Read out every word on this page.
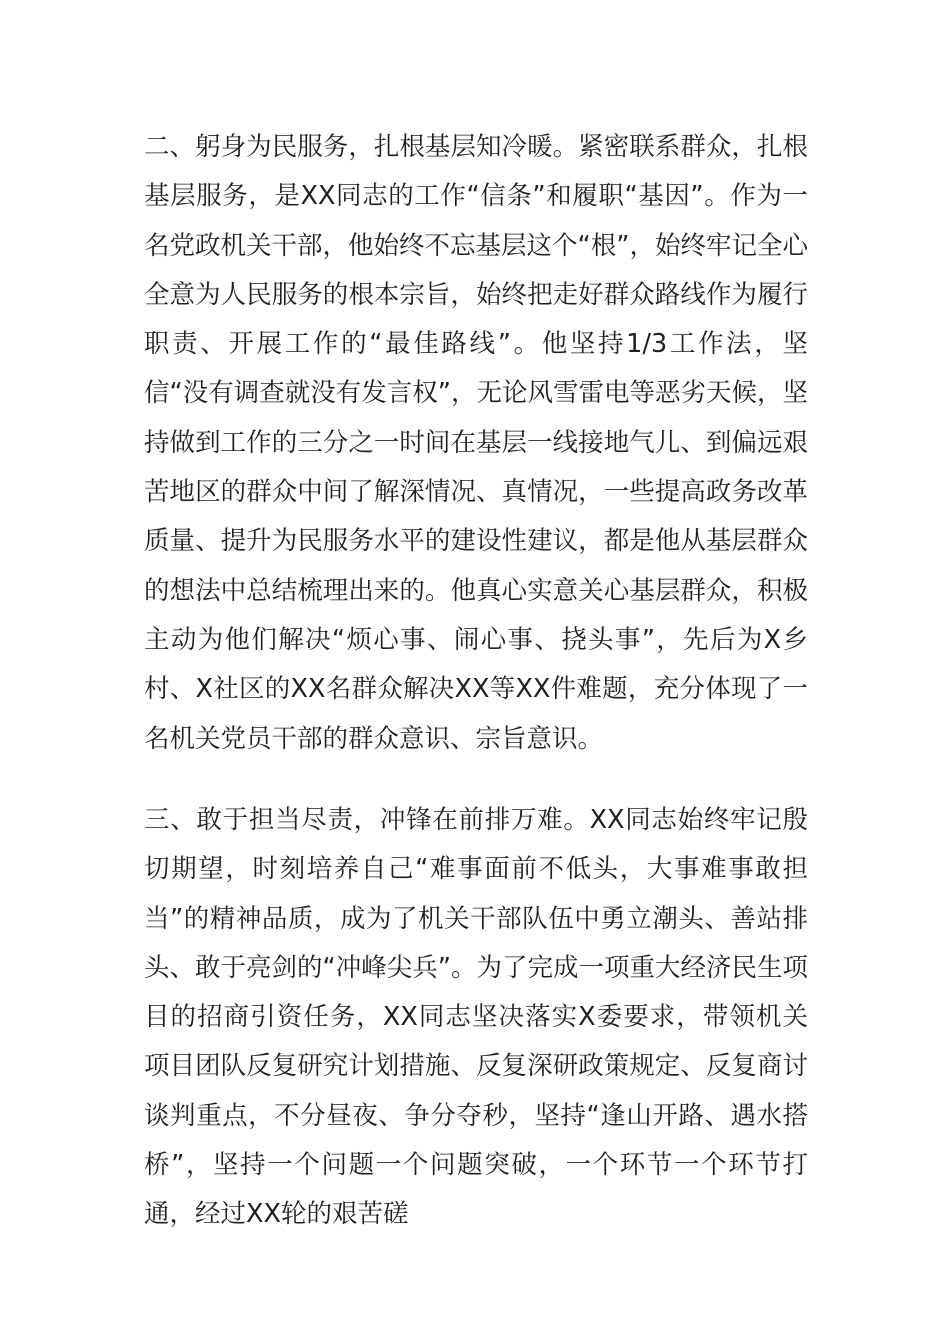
二、躬身为民服务，扎根基层知冷暖。紧密联系群众，扎根基层服务，是XX同志的工作“信条”和履职“基因”。作为一名党政机关干部，他始终不忘基层这个“根”，始终牢记全心全意为人民服务的根本宗旨，始终把走好群众路线作为履行职责、开展工作的“最佳路线”。他坚持1/3工作法，坚信“没有调查就没有发言权”，无论风雪雷电等恶劣天候，坚持做到工作的三分之一时间在基层一线接地气儿、到偏远艰苦地区的群众中间了解深情况、真情况，一些提高政务改革质量、提升为民服务水平的建设性建议，都是他从基层群众的想法中总结梳理出来的。他真心实意关心基层群众，积极主动为他们解决“烦心事、闹心事、挠头事”，先后为X乡村、X社区的XX名群众解决XX等XX件难题，充分体现了一名机关党员干部的群众意识、宗旨意识。

三、敢于担当尽责，冲锋在前排万难。XX同志始终牢记殷切期望，时刻培养自己“难事面前不低头，大事难事敢担当”的精神品质，成为了机关干部队伍中勇立潮头、善站排头、敢于亮剑的“冲峰尖兵”。为了完成一项重大经济民生项目的招商引资任务，XX同志坚决落实X委要求，带领机关项目团队反复研究计划措施、反复深研政策规定、反复商讨谈判重点，不分昼夜、争分夺秒，坚持“逢山开路、遇水搭桥”，坚持一个问题一个问题突破，一个环节一个环节打通，经过XX轮的艰苦磋
